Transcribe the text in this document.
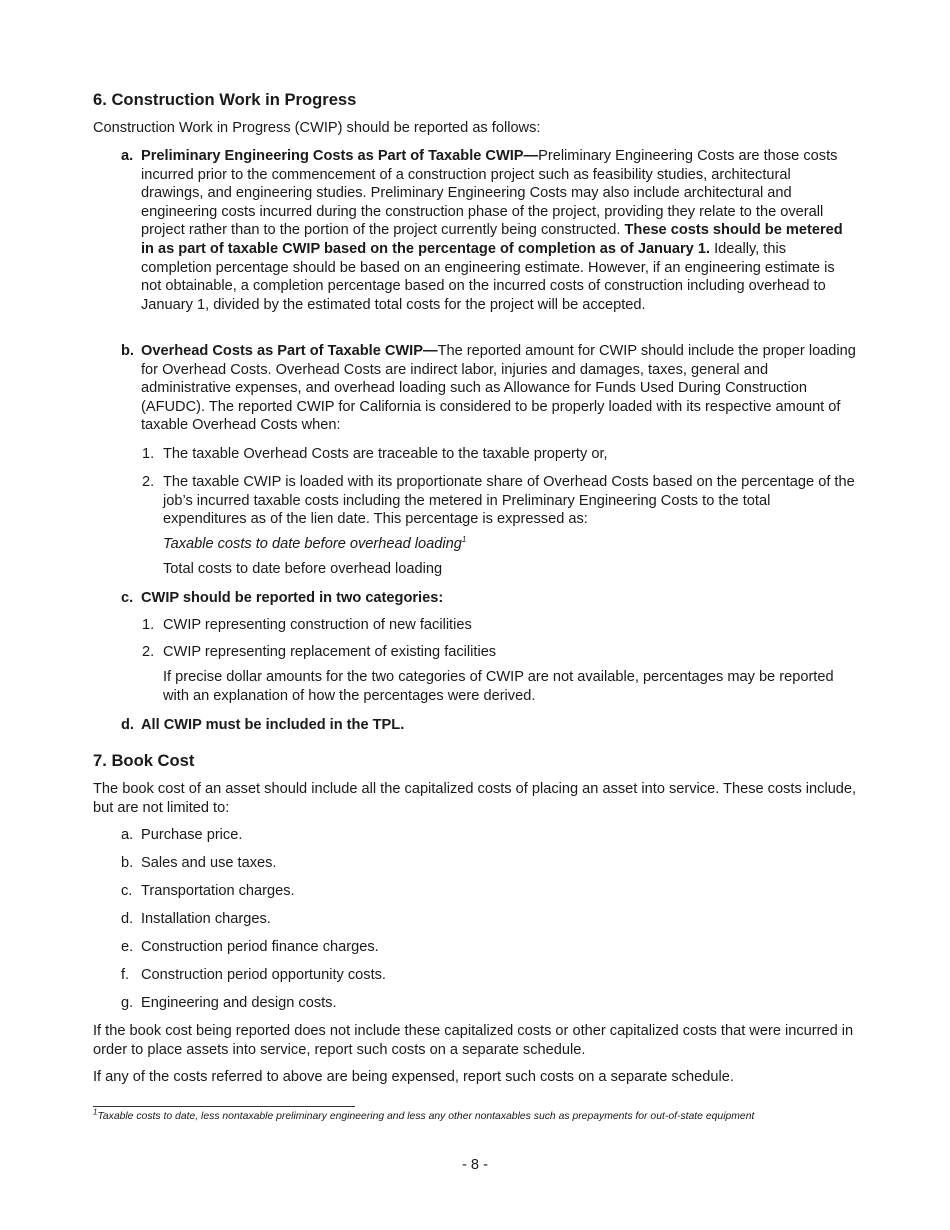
6. Construction Work in Progress

Construction Work in Progress (CWIP) should be reported as follows:

a. Preliminary Engineering Costs as Part of Taxable CWIP—Preliminary Engineering Costs are those costs incurred prior to the commencement of a construction project such as feasibility studies, architectural drawings, and engineering studies. Preliminary Engineering Costs may also include architectural and engineering costs incurred during the construction phase of the project, providing they relate to the overall project rather than to the portion of the project currently being constructed. These costs should be metered in as part of taxable CWIP based on the percentage of completion as of January 1. Ideally, this completion percentage should be based on an engineering estimate. However, if an engineering estimate is not obtainable, a completion percentage based on the incurred costs of construction including overhead to January 1, divided by the estimated total costs for the project will be accepted.
b. Overhead Costs as Part of Taxable CWIP—The reported amount for CWIP should include the proper loading for Overhead Costs. Overhead Costs are indirect labor, injuries and damages, taxes, general and administrative expenses, and overhead loading such as Allowance for Funds Used During Construction (AFUDC). The reported CWIP for California is considered to be properly loaded with its respective amount of taxable Overhead Costs when:
1. The taxable Overhead Costs are traceable to the taxable property or,
2. The taxable CWIP is loaded with its proportionate share of Overhead Costs based on the percentage of the job’s incurred taxable costs including the metered in Preliminary Engineering Costs to the total expenditures as of the lien date. This percentage is expressed as:

Taxable costs to date before overhead loading$^1$

Total costs to date before overhead loading

c. CWIP should be reported in two categories:
1. CWIP representing construction of new facilities
2. CWIP representing replacement of existing facilities

If precise dollar amounts for the two categories of CWIP are not available, percentages may be reported with an explanation of how the percentages were derived.

d. All CWIP must be included in the TPL.
7. Book Cost

The book cost of an asset should include all the capitalized costs of placing an asset into service. These costs include, but are not limited to:

a. Purchase price.
b. Sales and use taxes.
c. Transportation charges.
d. Installation charges.
e. Construction period finance charges.
f. Construction period opportunity costs.
g. Engineering and design costs.

If the book cost being reported does not include these capitalized costs or other capitalized costs that were incurred in order to place assets into service, report such costs on a separate schedule.

If any of the costs referred to above are being expensed, report such costs on a separate schedule.

$^1$Taxable costs to date, less nontaxable preliminary engineering and less any other nontaxables such as prepayments for out-of-state equipment
- 8 -
